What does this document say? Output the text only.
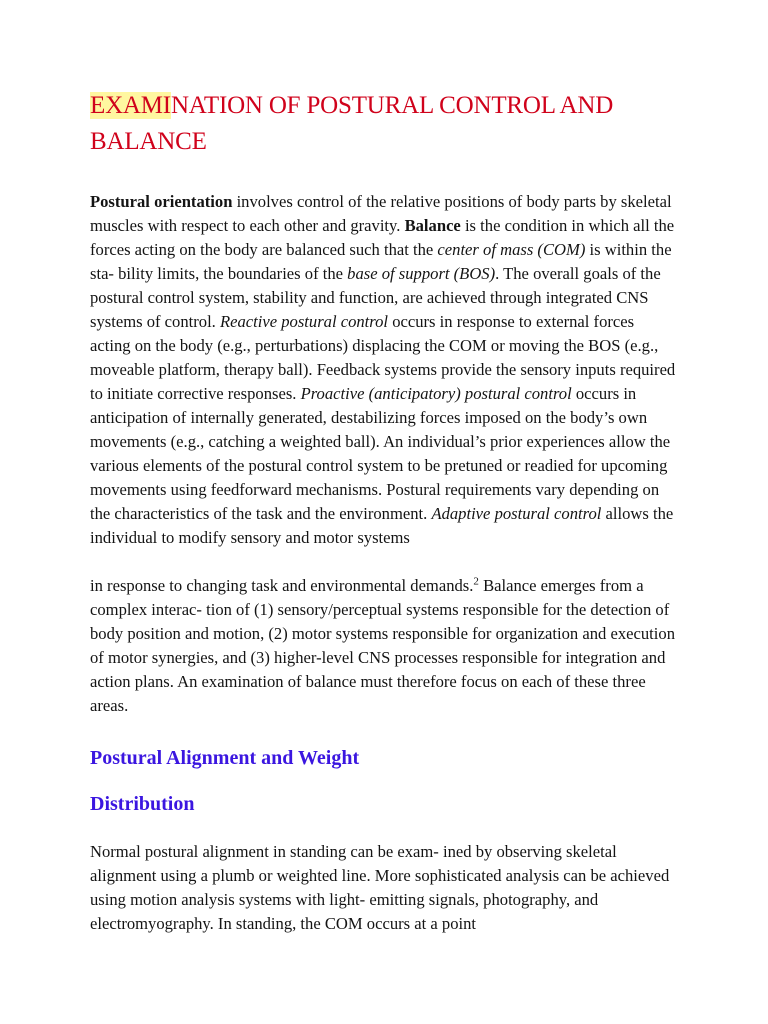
EXAMINATION OF POSTURAL CONTROL AND BALANCE

Postural orientation involves control of the relative positions of body parts by skeletal muscles with respect to each other and gravity. Balance is the condition in which all the forces acting on the body are balanced such that the center of mass (COM) is within the sta- bility limits, the boundaries of the base of support (BOS). The overall goals of the postural control system, stability and function, are achieved through integrated CNS systems of control. Reactive postural control occurs in response to external forces acting on the body (e.g., perturbations) displacing the COM or moving the BOS (e.g., moveable platform, therapy ball). Feedback systems provide the sensory inputs required to initiate corrective responses. Proactive (anticipatory) postural control occurs in anticipation of internally generated, destabilizing forces imposed on the body’s own movements (e.g., catching a weighted ball). An individual’s prior experiences allow the various elements of the postural control system to be pretuned or readied for upcoming movements using feedforward mechanisms. Postural requirements vary depending on the characteristics of the task and the environment. Adaptive postural control allows the individual to modify sensory and motor systems

in response to changing task and environmental demands.$^2$ Balance emerges from a complex interac- tion of (1) sensory/perceptual systems responsible for the detection of body position and motion, (2) motor systems responsible for organization and execution of motor synergies, and (3) higher-level CNS processes responsible for integration and action plans. An examination of balance must therefore focus on each of these three areas.

Postural Alignment and Weight
Distribution

Normal postural alignment in standing can be exam- ined by observing skeletal alignment using a plumb or weighted line. More sophisticated analysis can be achieved using motion analysis systems with light- emitting signals, photography, and electromyography. In standing, the COM occurs at a point
